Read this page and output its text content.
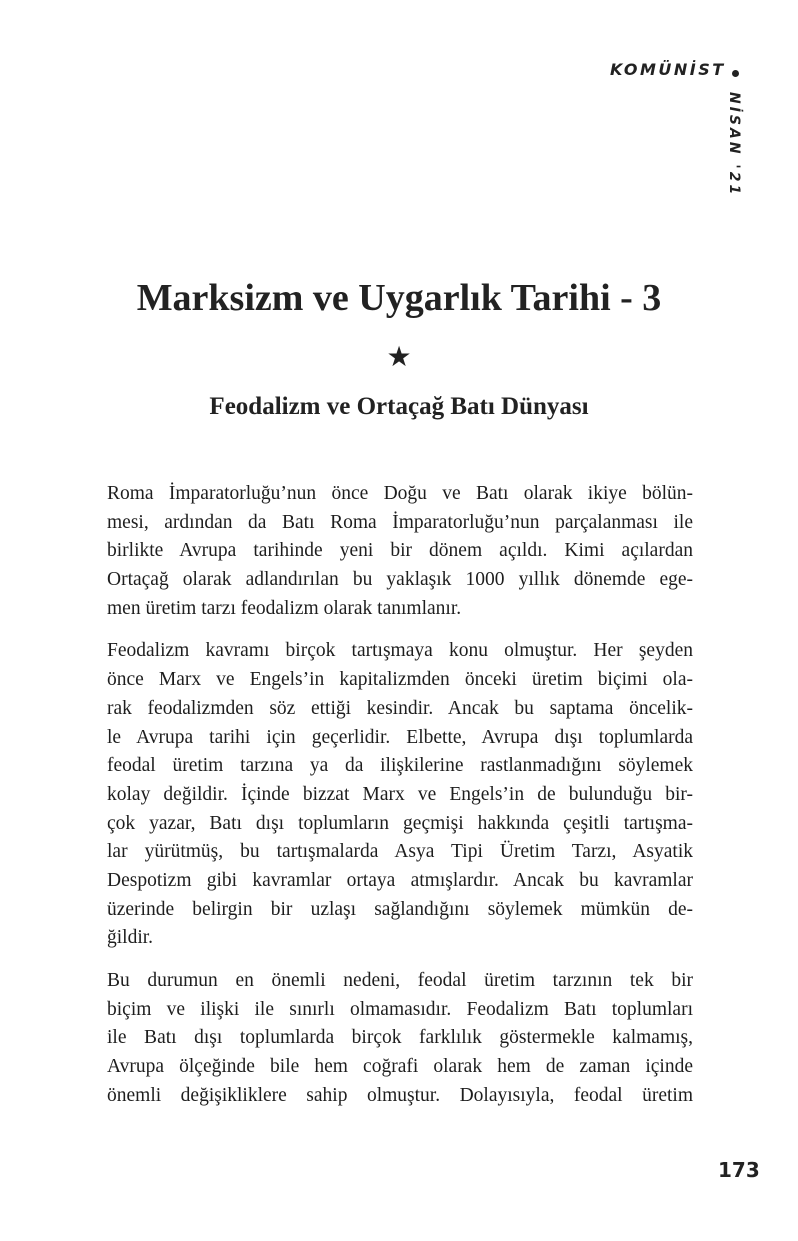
KOMÜNİST
NİSAN '21
Marksizm ve Uygarlık Tarihi - 3
★
Feodalizm ve Ortaçağ Batı Dünyası
Roma İmparatorluğu’nun önce Doğu ve Batı olarak ikiye bölün-
mesi, ardından da Batı Roma İmparatorluğu’nun parçalanması ile
birlikte Avrupa tarihinde yeni bir dönem açıldı. Kimi açılardan
Ortaçağ olarak adlandırılan bu yaklaşık 1000 yıllık dönemde ege-
men üretim tarzı feodalizm olarak tanımlanır.
Feodalizm kavramı birçok tartışmaya konu olmuştur. Her şeyden
önce Marx ve Engels’in kapitalizmden önceki üretim biçimi ola-
rak feodalizmden söz ettiği kesindir. Ancak bu saptama öncelik-
le Avrupa tarihi için geçerlidir. Elbette, Avrupa dışı toplumlarda
feodal üretim tarzına ya da ilişkilerine rastlanmadığını söylemek
kolay değildir. İçinde bizzat Marx ve Engels’in de bulunduğu bir-
çok yazar, Batı dışı toplumların geçmişi hakkında çeşitli tartışma-
lar yürütmüş, bu tartışmalarda Asya Tipi Üretim Tarzı, Asyatik
Despotizm gibi kavramlar ortaya atmışlardır. Ancak bu kavramlar
üzerinde belirgin bir uzlaşı sağlandığını söylemek mümkün de-
ğildir.
Bu durumun en önemli nedeni, feodal üretim tarzının tek bir
biçim ve ilişki ile sınırlı olmamasıdır. Feodalizm Batı toplumları
ile Batı dışı toplumlarda birçok farklılık göstermekle kalmamış,
Avrupa ölçeğinde bile hem coğrafi olarak hem de zaman içinde
önemli değişikliklere sahip olmuştur. Dolayısıyla, feodal üretim
173
